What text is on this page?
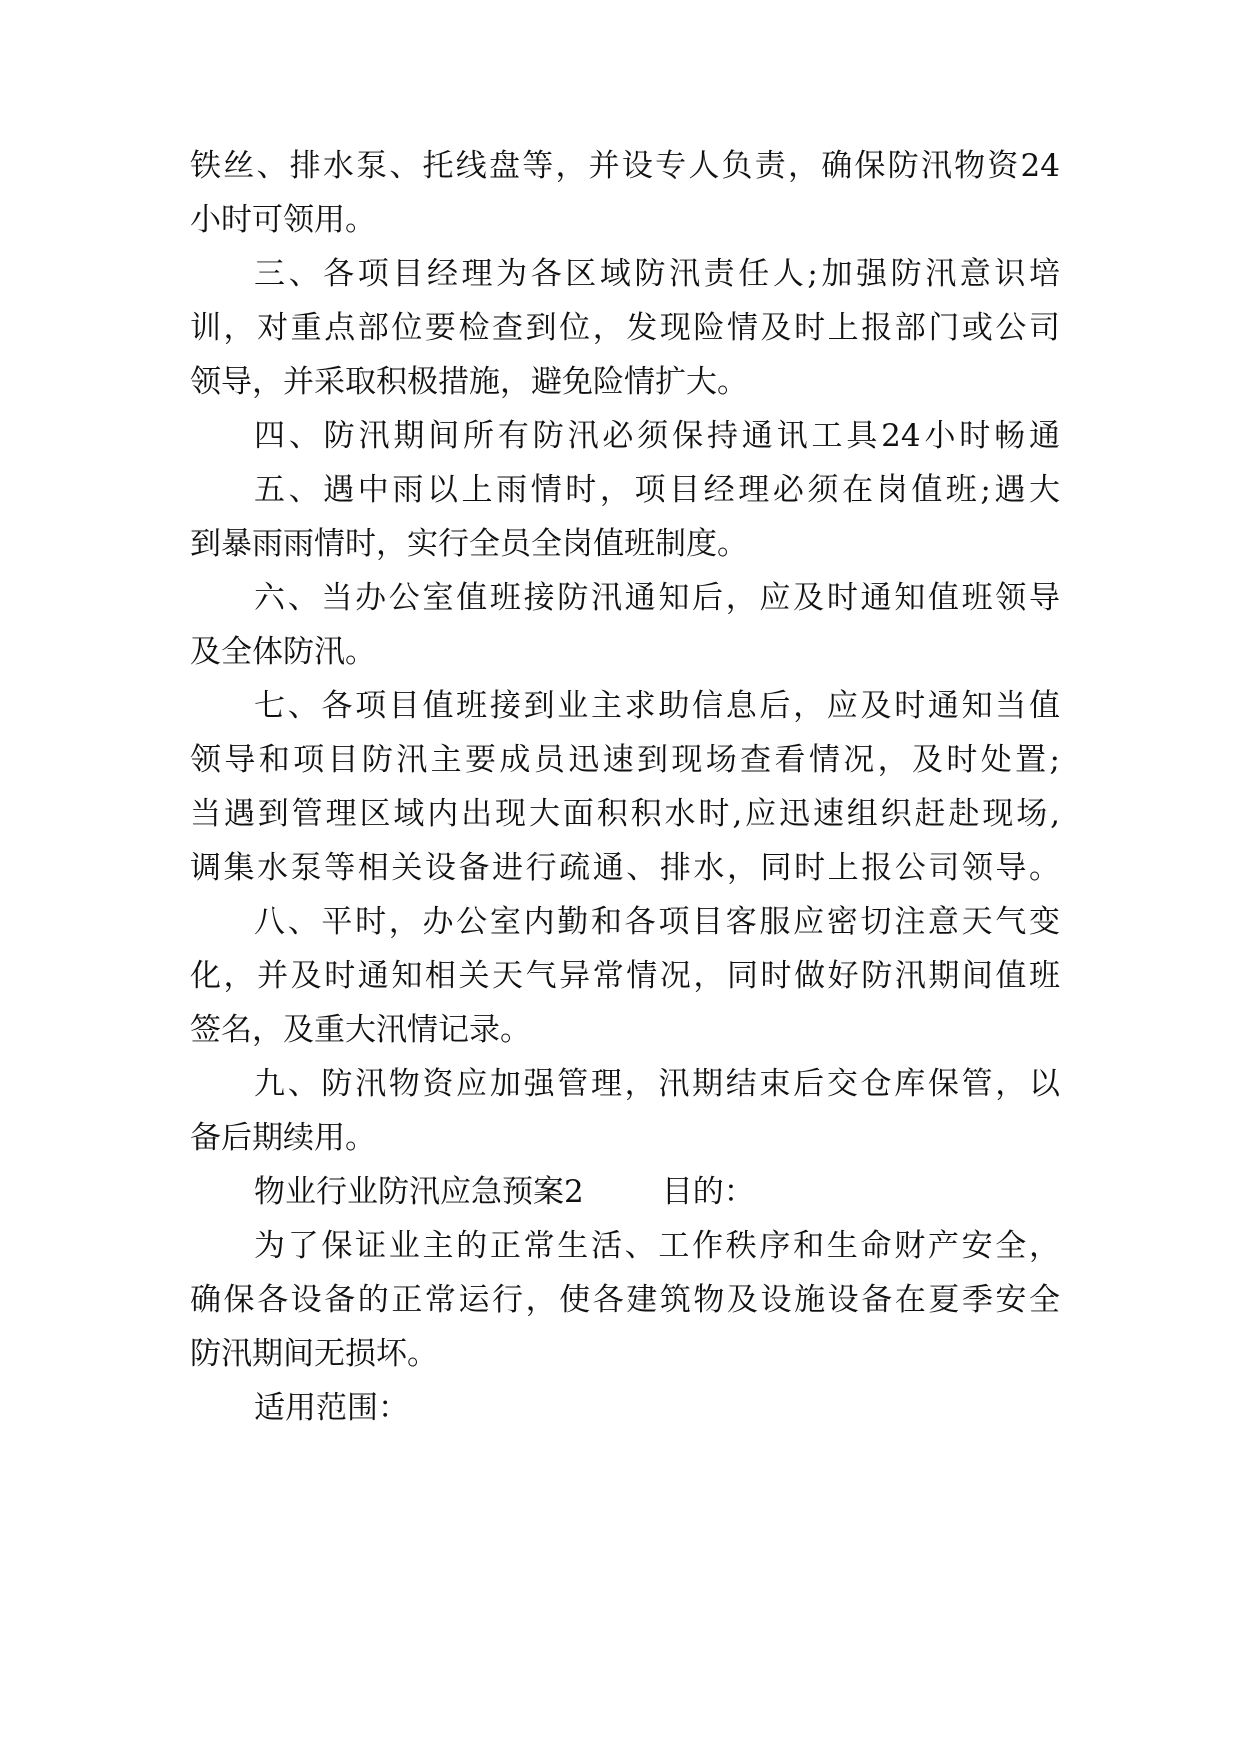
铁丝、排水泵、托线盘等，并设专人负责，确保防汛物资24
小时可领用。
三、各项目经理为各区域防汛责任人;加强防汛意识培
训，对重点部位要检查到位，发现险情及时上报部门或公司
领导，并采取积极措施，避免险情扩大。
四、防汛期间所有防汛必须保持通讯工具24小时畅通
五、遇中雨以上雨情时，项目经理必须在岗值班;遇大
到暴雨雨情时，实行全员全岗值班制度。
六、当办公室值班接防汛通知后，应及时通知值班领导
及全体防汛。
七、各项目值班接到业主求助信息后，应及时通知当值
领导和项目防汛主要成员迅速到现场查看情况，及时处置;
当遇到管理区域内出现大面积积水时,应迅速组织赶赴现场,
调集水泵等相关设备进行疏通、排水，同时上报公司领导。
八、平时，办公室内勤和各项目客服应密切注意天气变
化，并及时通知相关天气异常情况，同时做好防汛期间值班
签名，及重大汛情记录。
九、防汛物资应加强管理，汛期结束后交仓库保管，以
备后期续用。
物业行业防汛应急预案2	目的：
为了保证业主的正常生活、工作秩序和生命财产安全，
确保各设备的正常运行，使各建筑物及设施设备在夏季安全
防汛期间无损坏。
适用范围：
